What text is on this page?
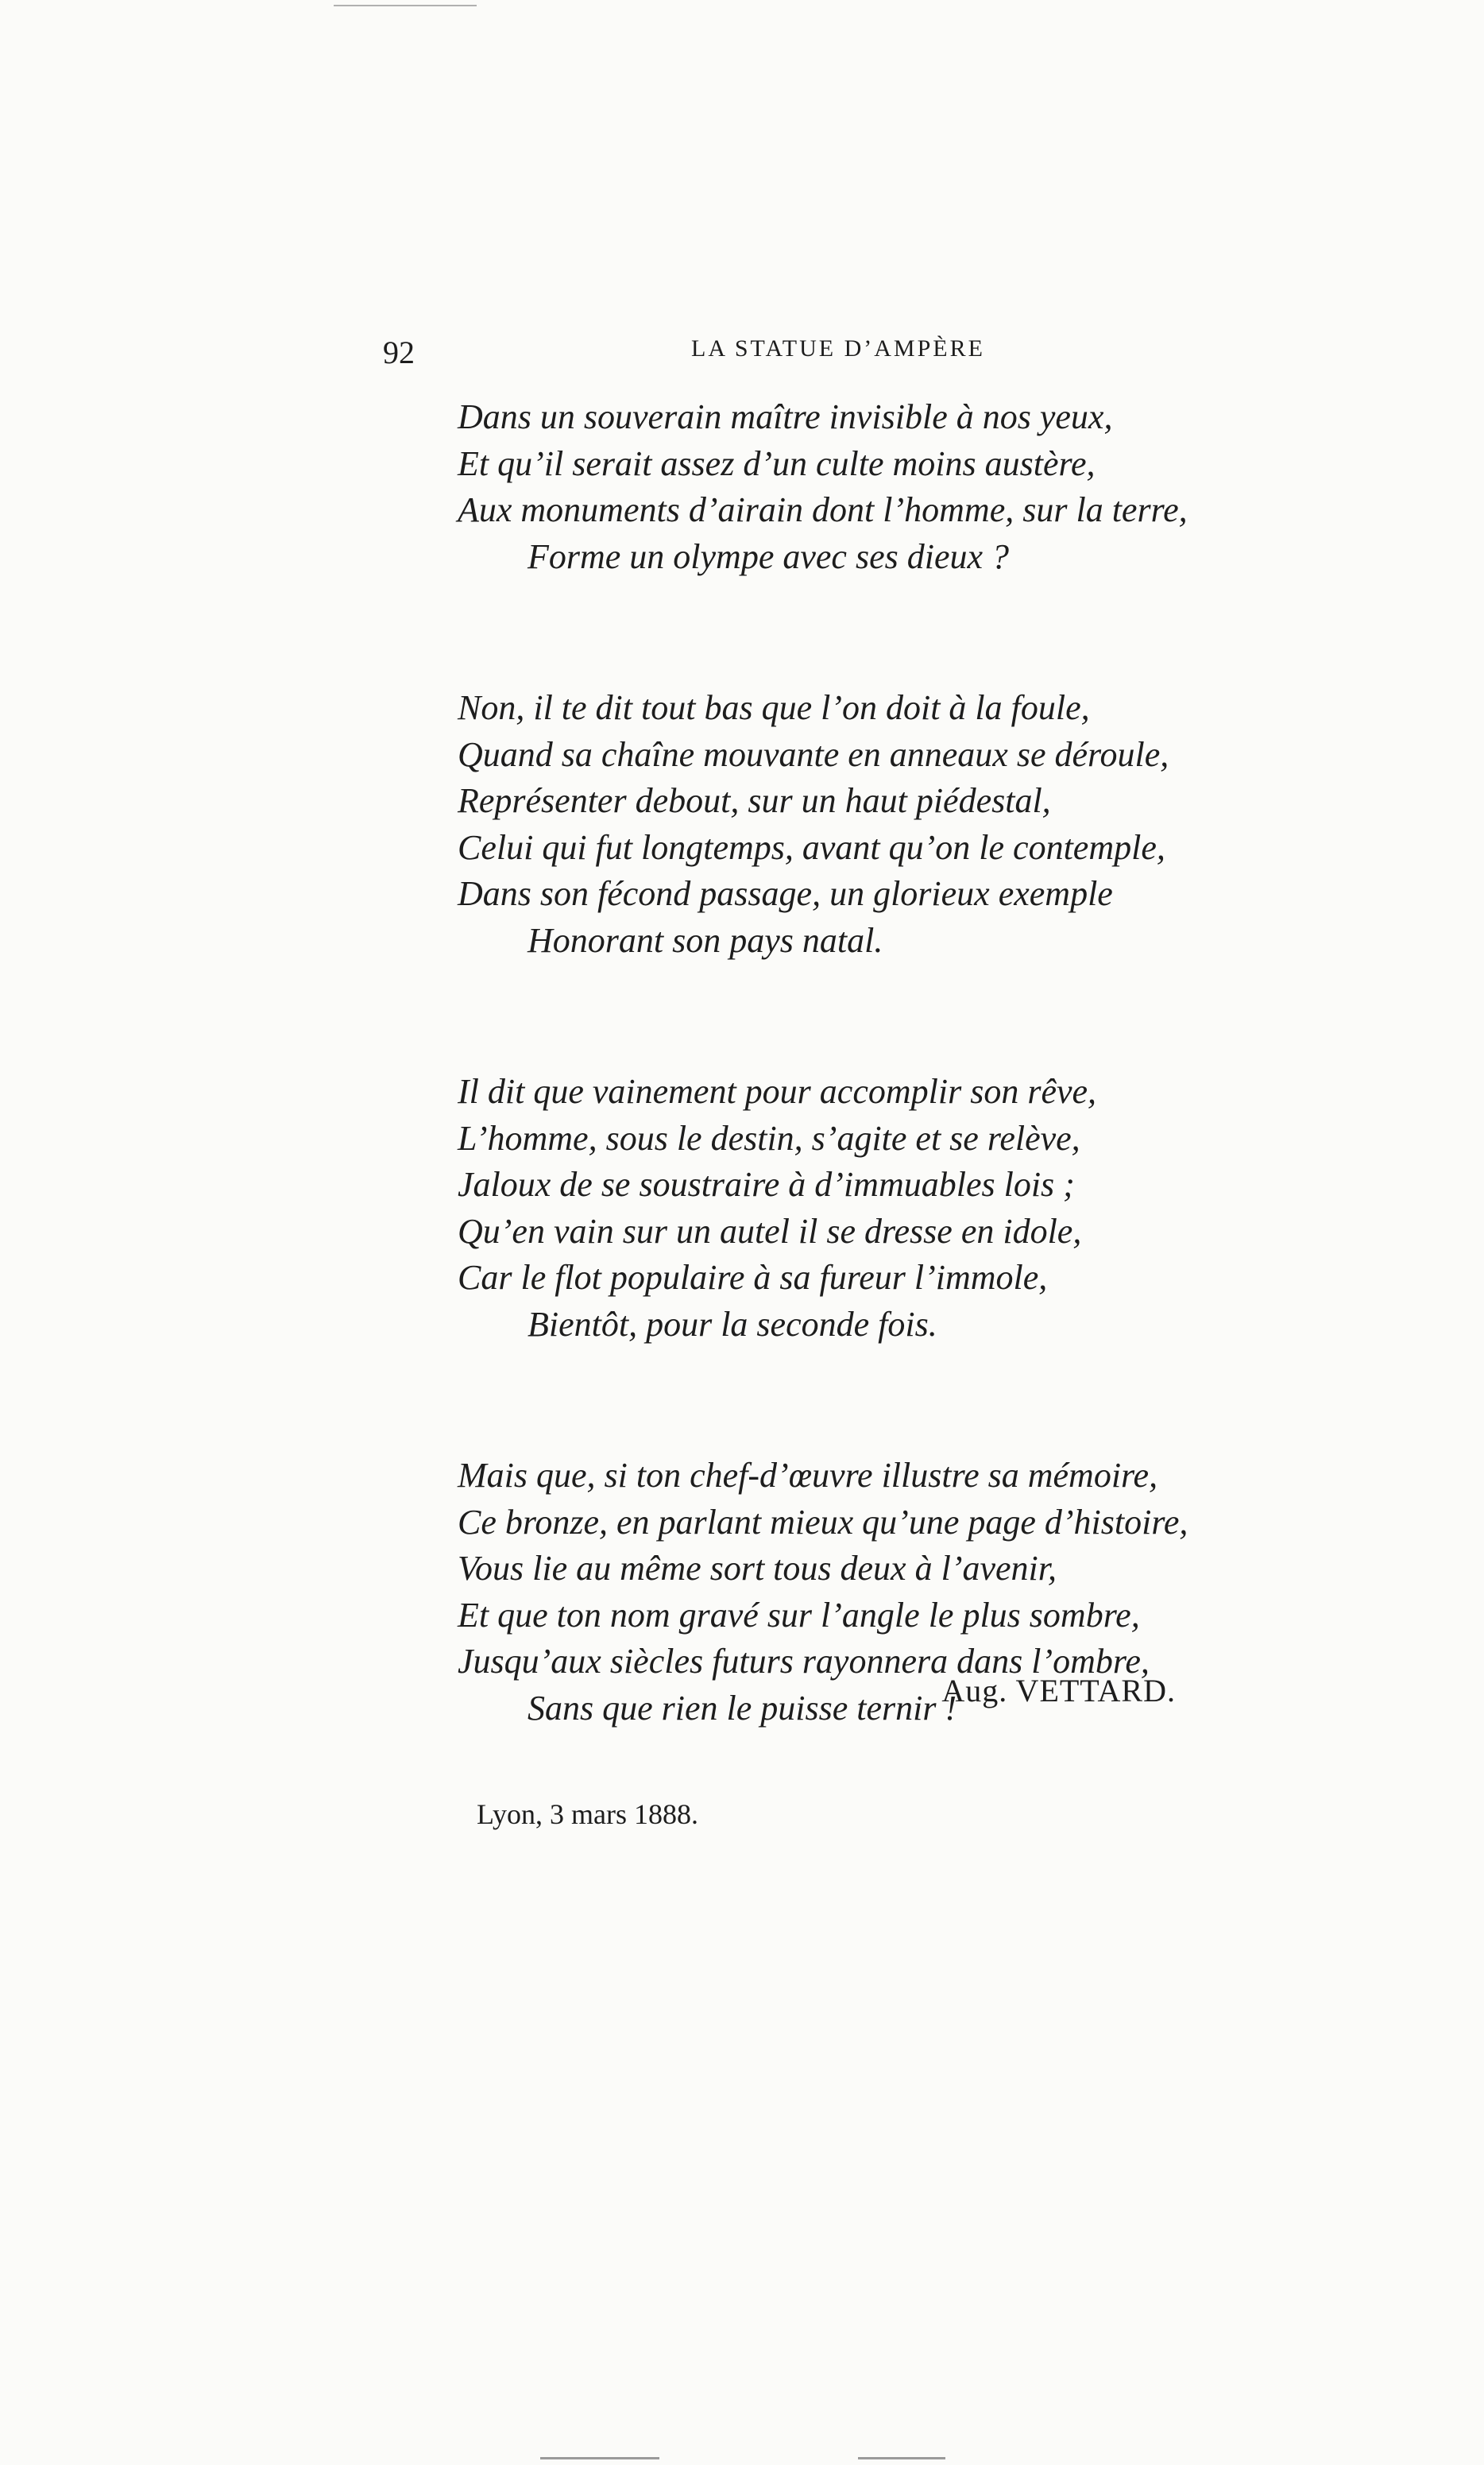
92	LA STATUE D’AMPÈRE
Dans un souverain maître invisible à nos yeux,
Et qu’il serait assez d’un culte moins austère,
Aux monuments d’airain dont l’homme, sur la terre,
Forme un olympe avec ses dieux ?
Non, il te dit tout bas que l’on doit à la foule,
Quand sa chaîne mouvante en anneaux se déroule,
Représenter debout, sur un haut piédestal,
Celui qui fut longtemps, avant qu’on le contemple,
Dans son fécond passage, un glorieux exemple
Honorant son pays natal.
Il dit que vainement pour accomplir son rêve,
L’homme, sous le destin, s’agite et se relève,
Jaloux de se soustraire à d’immuables lois ;
Qu’en vain sur un autel il se dresse en idole,
Car le flot populaire à sa fureur l’immole,
Bientôt, pour la seconde fois.
Mais que, si ton chef-d’œuvre illustre sa mémoire,
Ce bronze, en parlant mieux qu’une page d’histoire,
Vous lie au même sort tous deux à l’avenir,
Et que ton nom gravé sur l’angle le plus sombre,
Jusqu’aux siècles futurs rayonnera dans l’ombre,
Sans que rien le puisse ternir !
Aug. VETTARD.
Lyon, 3 mars 1888.
